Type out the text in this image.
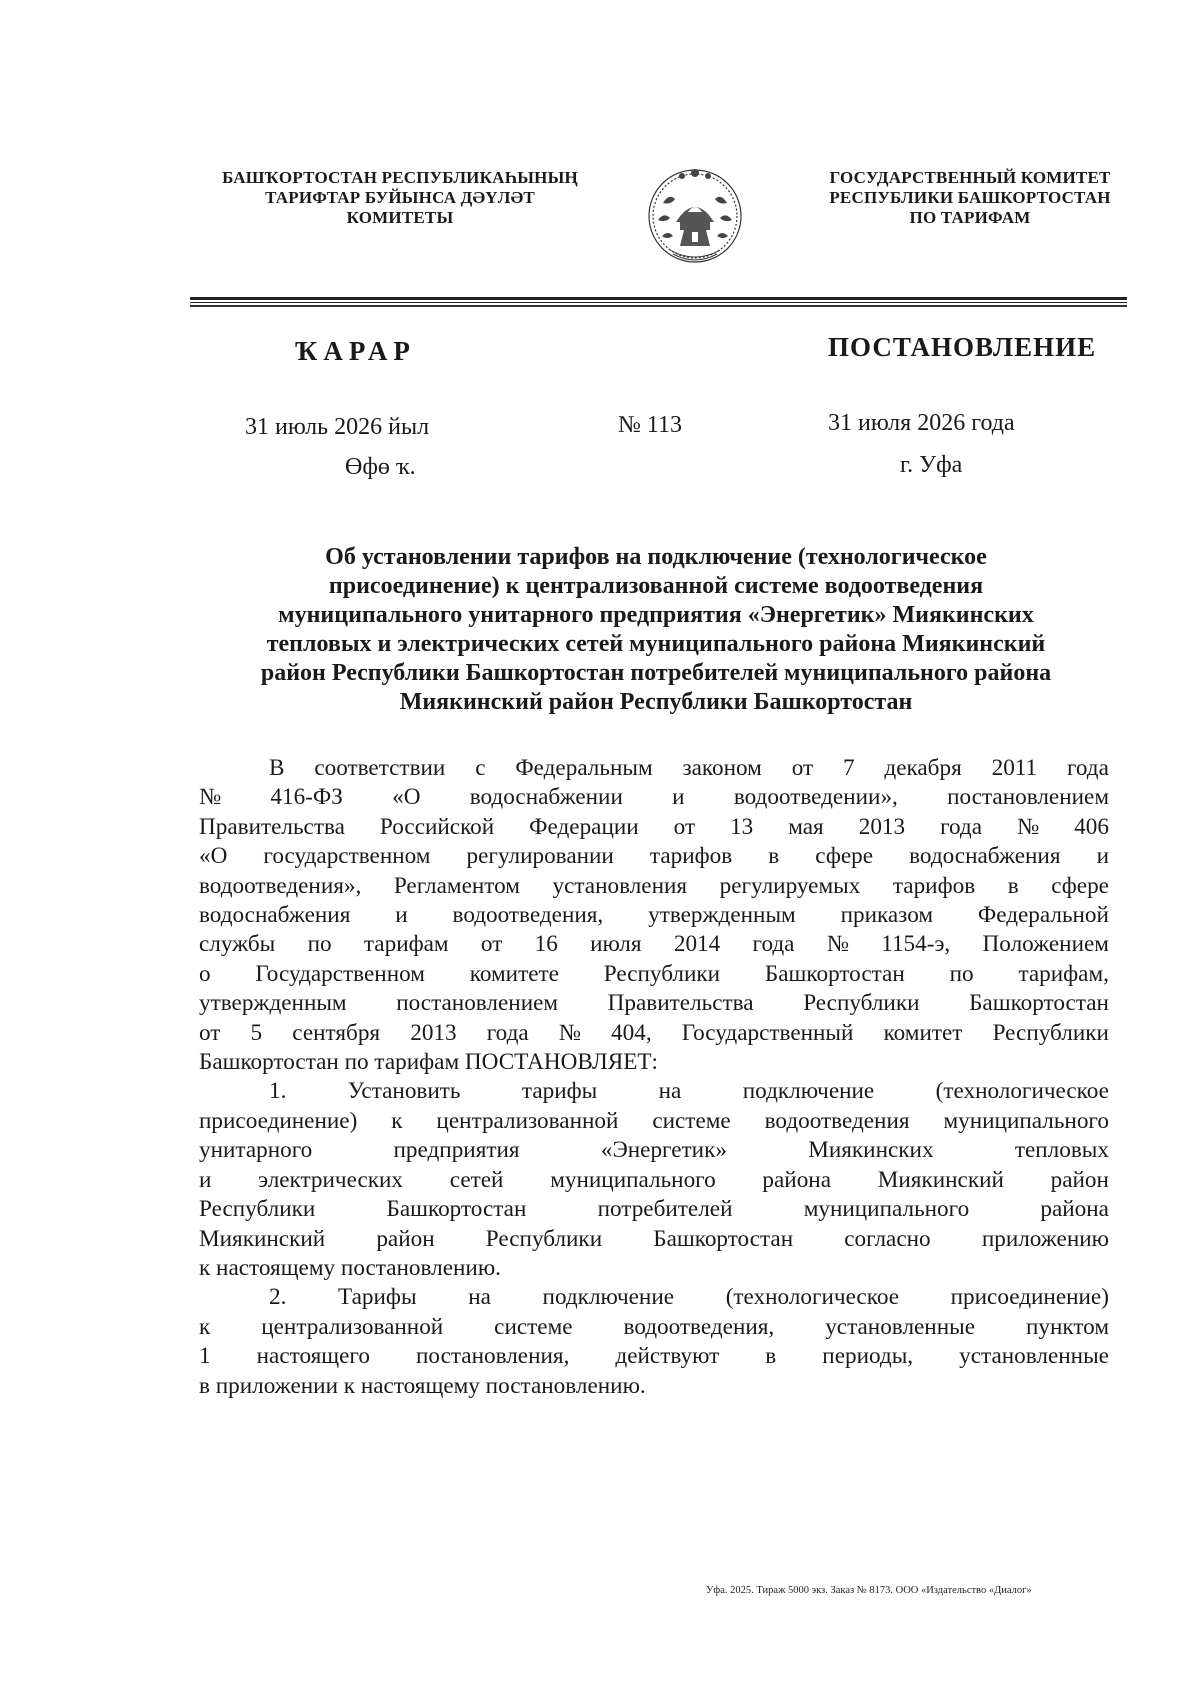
БАШҠОРТОСТАН РЕСПУБЛИКАҺЫНЫҢ
ТАРИФТАР БУЙЫНСА ДӘҮЛӘТ
КОМИТЕТЫ
ГОСУДАРСТВЕННЫЙ КОМИТЕТ
РЕСПУБЛИКИ БАШКОРТОСТАН
ПО ТАРИФАМ
ҠАРАР	ПОСТАНОВЛЕНИЕ
31 июль 2026 йыл	№ 113	31 июля 2026 года
Өфө ҡ.	г. Уфа
Об установлении тарифов на подключение (технологическое
присоединение) к централизованной системе водоотведения
муниципального унитарного предприятия «Энергетик» Миякинских
тепловых и электрических сетей муниципального района Миякинский
район Республики Башкортостан потребителей муниципального района
Миякинский район Республики Башкортостан
В соответствии с Федеральным законом от 7 декабря 2011 года
№ 416-ФЗ «О водоснабжении и водоотведении», постановлением
Правительства Российской Федерации от 13 мая 2013 года № 406
«О государственном регулировании тарифов в сфере водоснабжения и
водоотведения», Регламентом установления регулируемых тарифов в сфере
водоснабжения и водоотведения, утвержденным приказом Федеральной
службы по тарифам от 16 июля 2014 года № 1154-э, Положением
о Государственном комитете Республики Башкортостан по тарифам,
утвержденным постановлением Правительства Республики Башкортостан
от 5 сентября 2013 года № 404, Государственный комитет Республики
Башкортостан по тарифам ПОСТАНОВЛЯЕТ:
1.	Установить	тарифы	на	подключение	(технологическое
присоединение) к централизованной системе водоотведения муниципального
унитарного	предприятия	«Энергетик»	Миякинских	тепловых
и электрических сетей муниципального района Миякинский район
Республики	Башкортостан	потребителей	муниципального	района
Миякинский район Республики Башкортостан согласно приложению
к настоящему постановлению.
2. Тарифы на подключение (технологическое присоединение)
к централизованной системе водоотведения, установленные пунктом
1 настоящего постановления, действуют в периоды, установленные
в приложении к настоящему постановлению.
Уфа. 2025. Тираж 5000 экз. Заказ № 8173. ООО «Издательство «Диалог»
